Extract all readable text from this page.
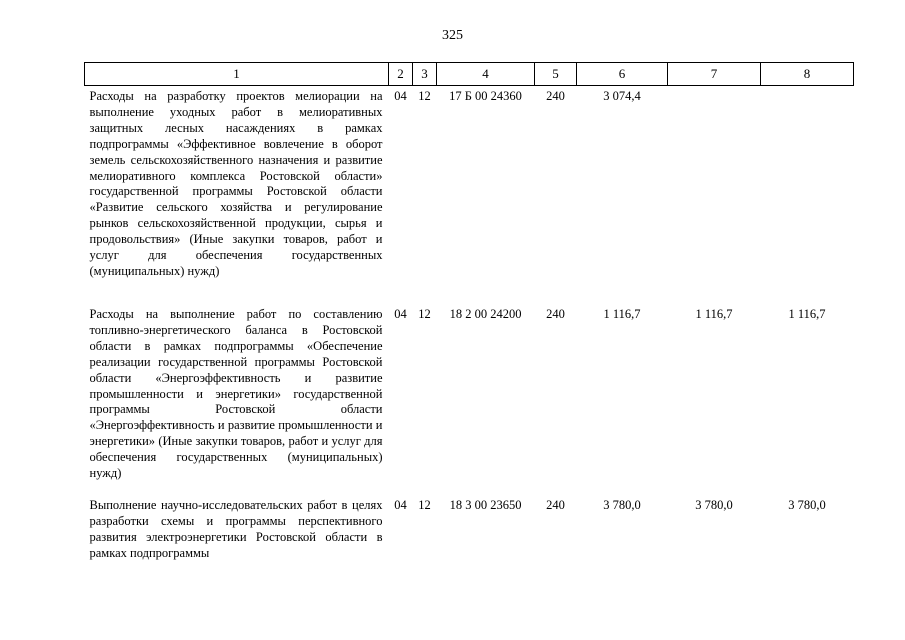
325
1	2	3	4	5	6	7	8
Расходы на разработку проектов мелиорации на выполнение уходных работ в мелиоративных защитных лесных насаждениях в рамках подпрограммы «Эффективное вовлечение в оборот земель сельскохозяйственного назначения и развитие мелиоративного комплекса Ростовской области» государственной программы Ростовской области «Развитие сельского хозяйства и регулирование рынков сельскохозяйственной продукции, сырья и продовольствия» (Иные закупки товаров, работ и услуг для обеспечения государственных (муниципальных) нужд)	04	12	17 Б 00 24360	240	3 074,4		
Расходы на выполнение работ по составлению топливно-энергетического баланса в Ростовской области в рамках подпрограммы «Обеспечение реализации государственной программы Ростовской области «Энергоэффективность и развитие промышленности и энергетики» государственной программы Ростовской области «Энергоэффективность и развитие промышленности и энергетики» (Иные закупки товаров, работ и услуг для обеспечения государственных (муниципальных) нужд)	04	12	18 2 00 24200	240	1 116,7	1 116,7	1 116,7
Выполнение научно-исследовательских работ в целях разработки схемы и программы перспективного развития электроэнергетики Ростовской области в рамках подпрограммы	04	12	18 3 00 23650	240	3 780,0	3 780,0	3 780,0
